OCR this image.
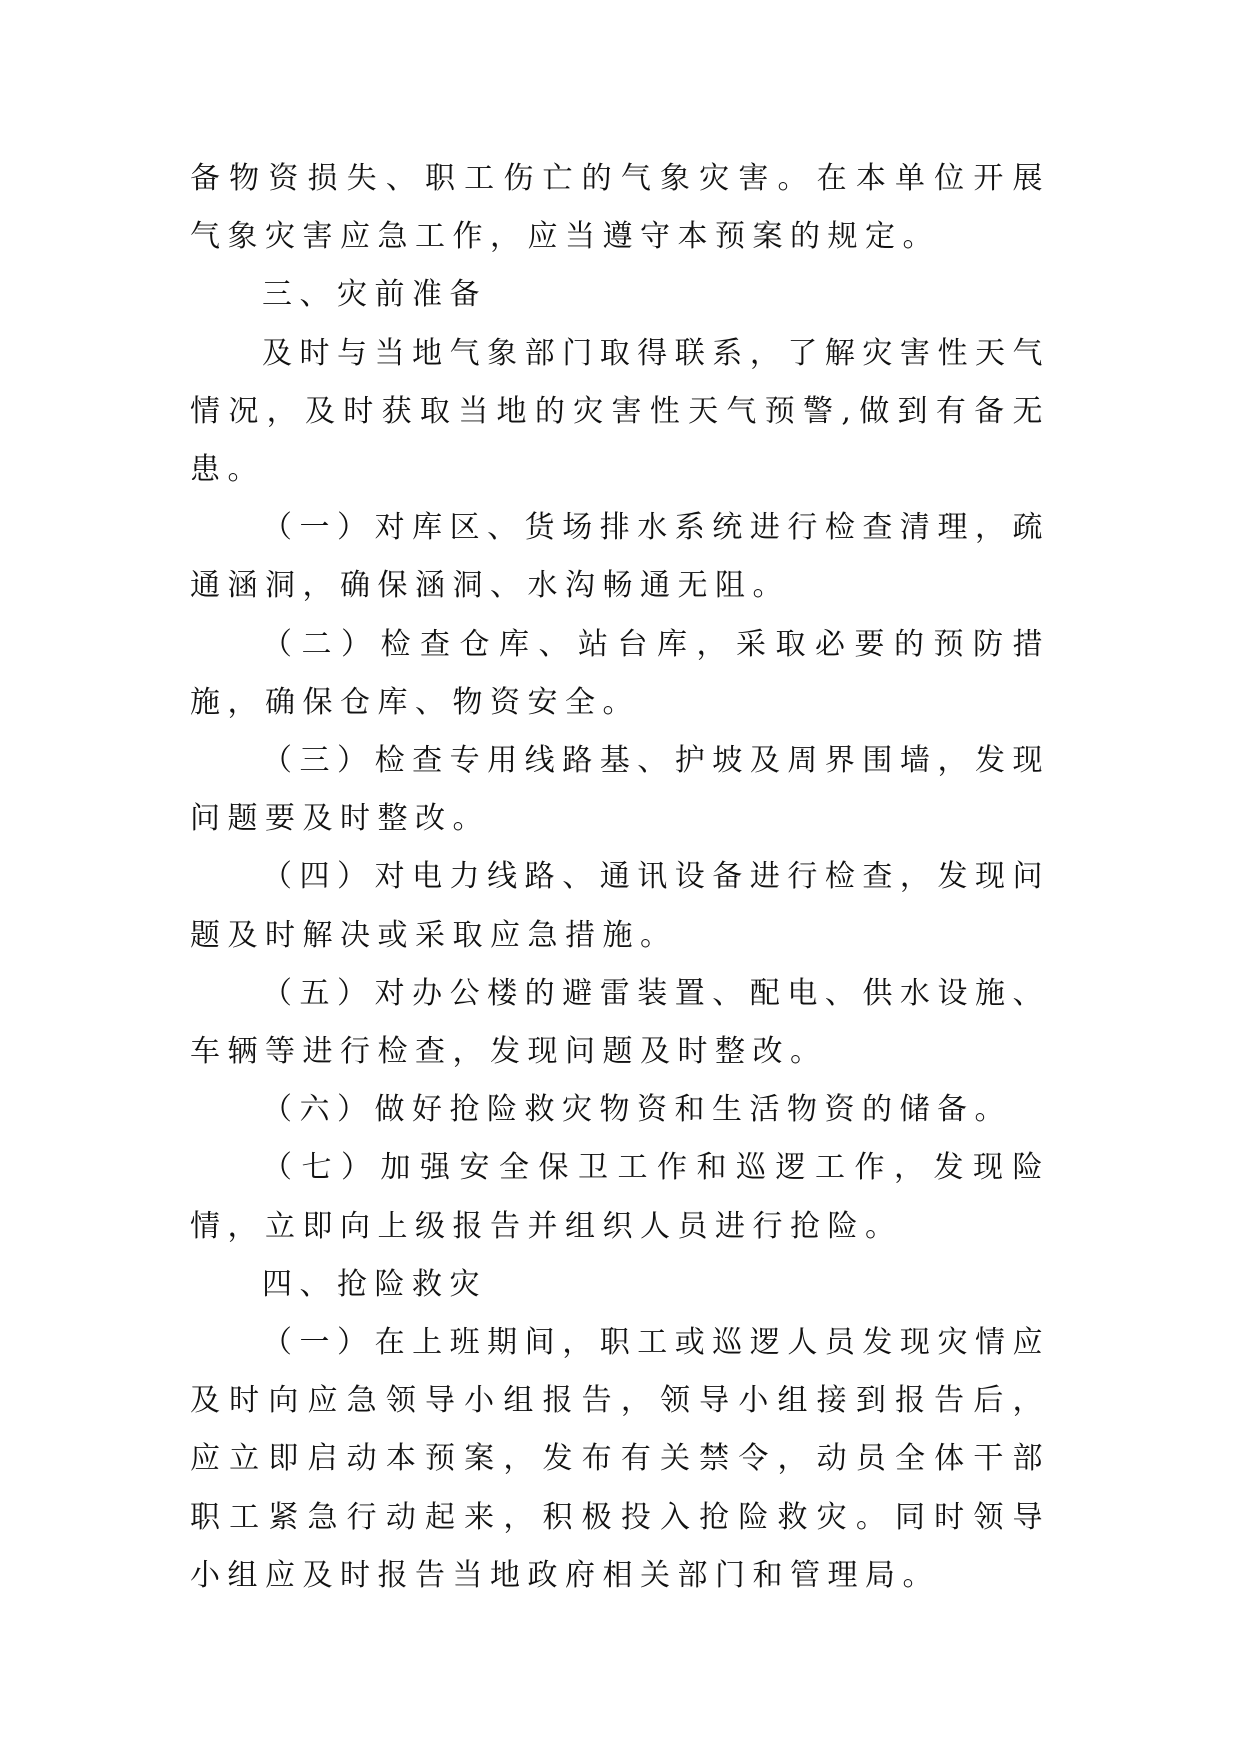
备物资损失、职工伤亡的气象灾害。在本单位开展气象灾害应急工作，应当遵守本预案的规定。

三、灾前准备

及时与当地气象部门取得联系，了解灾害性天气情况，及时获取当地的灾害性天气预警,做到有备无患。

（一）对库区、货场排水系统进行检查清理，疏通涵洞，确保涵洞、水沟畅通无阻。

（二）检查仓库、站台库，采取必要的预防措施，确保仓库、物资安全。

（三）检查专用线路基、护坡及周界围墙，发现问题要及时整改。

（四）对电力线路、通讯设备进行检查，发现问题及时解决或采取应急措施。

（五）对办公楼的避雷装置、配电、供水设施、车辆等进行检查，发现问题及时整改。

（六）做好抢险救灾物资和生活物资的储备。

（七）加强安全保卫工作和巡逻工作，发现险情，立即向上级报告并组织人员进行抢险。

四、抢险救灾

（一）在上班期间，职工或巡逻人员发现灾情应及时向应急领导小组报告，领导小组接到报告后，应立即启动本预案，发布有关禁令，动员全体干部职工紧急行动起来，积极投入抢险救灾。同时领导小组应及时报告当地政府相关部门和管理局。
